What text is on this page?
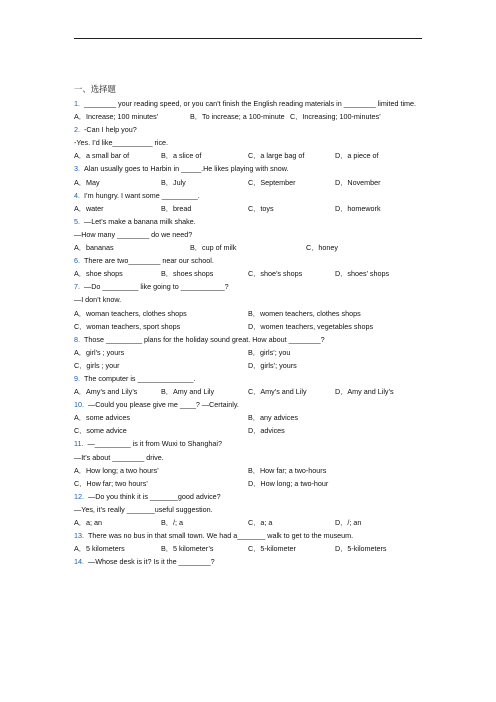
一、选择题
1. ________ your reading speed, or you can’t finish the English reading materials in ________ limited time.
A．Increase; 100 minutes’	B．To increase; a 100-minute C．Increasing; 100-minutes’
2. -Can I help you?
-Yes. I’d like__________ rice.
A．a small bar of	B．a slice of	C．a large bag of	D．a piece of
3. Alan usually goes to Harbin in _____.He likes playing with snow.
A．May	B．July	C．September	D．November
4. I’m hungry. I want some _________.
A．water	B．bread	C．toys	D．homework
5. —Let’s make a banana milk shake.
—How many ________ do we need?
A．bananas	B．cup of milk	C．honey
6. There are two________ near our school.
A．shoe shops	B．shoes shops	C．shoe’s shops	D．shoes’ shops
7. —Do _________ like going to ___________?
—I don’t know.
A．woman teachers, clothes shops	B．women teachers, clothes shops
C．woman teachers, sport shops	D．women teachers, vegetables shops
8. Those _________ plans for the holiday sound great. How about ________?
A．girl’s ; yours	B．girls’; you
C．girls ; your	D．girls’; yours
9. The computer is ______________.
A．Amy’s and Lily’s	B．Amy and Lily	C．Amy’s and Lily	D．Amy and Lily’s
10. —Could you please give me ____? —Certainly.
A．some advices	B．any advices
C．some advice	D．advices
11. —_________ is it from Wuxi to Shanghai?
—It’s about ________ drive.
A．How long; a two hours’	B．How far; a two-hours
C．How far; two hours’	D．How long; a two-hour
12. —Do you think it is _______good advice?
—Yes, it’s really _______useful suggestion.
A．a; an	B．/; a	C．a; a	D．/; an
13. There was no bus in that small town. We had a_______ walk to get to the museum.
A．5 kilometers	B．5 kilometer’s	C．5-kilometer	D．5-kilometers
14. —Whose desk is it? Is it the ________?
